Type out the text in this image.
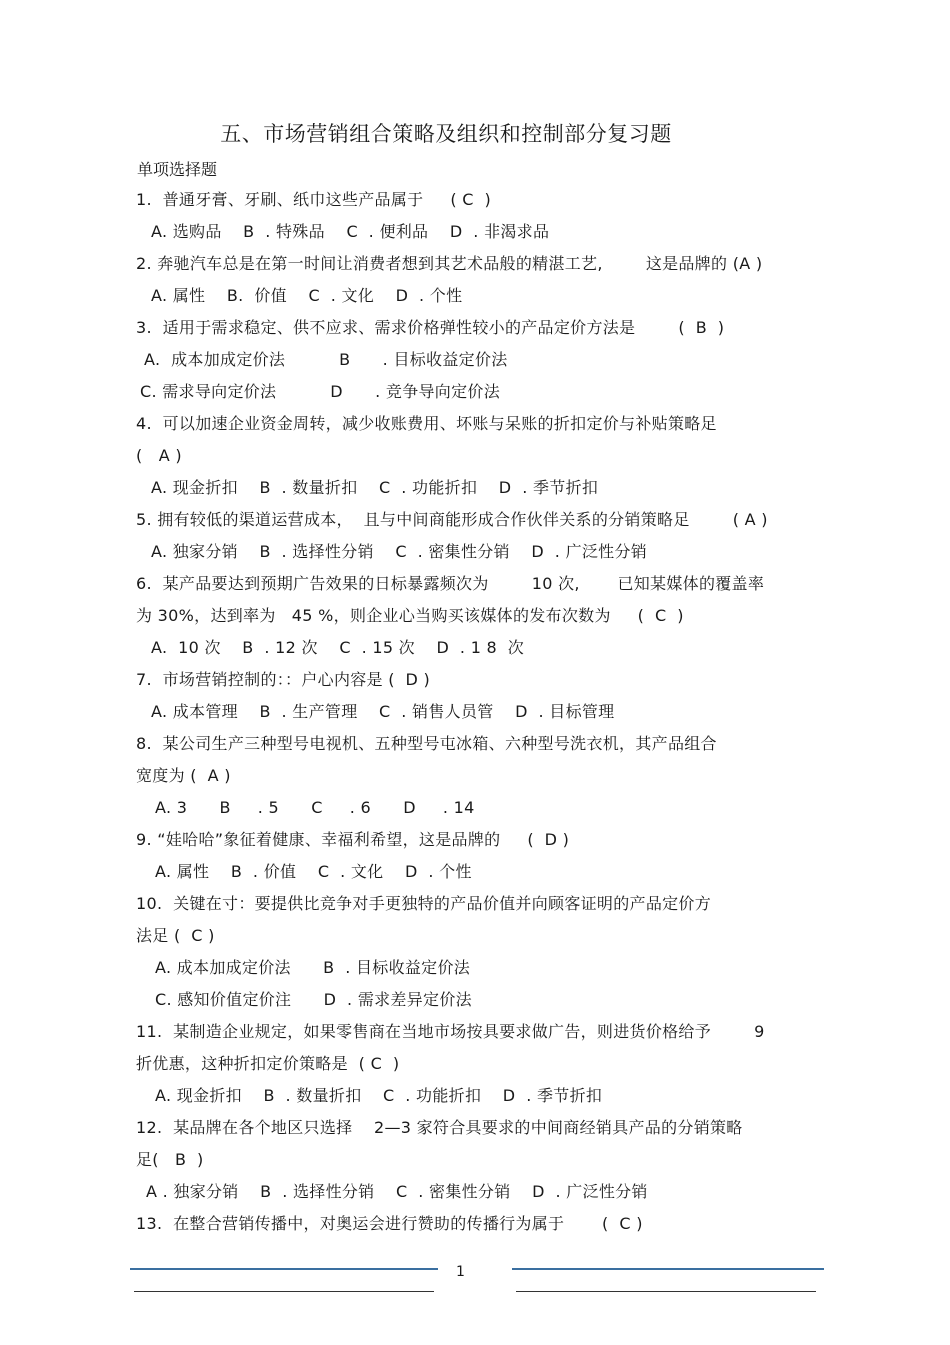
五、市场营销组合策略及组织和控制部分复习题
单项选择题
1.  普通牙膏、牙刷、纸巾这些产品属于     ( C  )
A. 选购品    B  . 特殊品    C  . 便利品    D  . 非渴求品
2. 奔驰汽车总是在第一时间让消费者想到其艺术品般的精湛工艺,        这是品牌的 (A )
A. 属性    B.  价值    C  . 文化    D  . 个性
3.  适用于需求稳定、供不应求、需求价格弹性较小的产品定价方法是        (  B  )
A.  成本加成定价法          B      . 目标收益定价法
C. 需求导向定价法          D      . 竞争导向定价法
4.  可以加速企业资金周转，减少收账费用、坏账与呆账的折扣定价与补贴策略足
(   A )
A. 现金折扣    B  . 数量折扣    C  . 功能折扣    D  . 季节折扣
5. 拥有较低的渠道运营成本，  且与中间商能形成合作伙伴关系的分销策略足        ( A )
A. 独家分销    B  . 选择性分销    C  . 密集性分销    D  . 广泛性分销
6.  某产品要达到预期广告效果的日标暴露频次为        10 次,       已知某媒体的覆盖率
为 30%，达到率为   45 %，则企业心当购买该媒体的发布次数为     (  C  )
A.  10 次    B  . 12 次    C  . 15 次    D  . 1 8  次
7.  市场营销控制的：：户心内容是 (  D )
A. 成本管理    B  . 生产管理    C  . 销售人员管    D  . 目标管理
8.  某公司生产三种型号电视机、五种型号屯冰箱、六种型号洗衣机，其产品组合
宽度为 (  A )
A. 3      B     . 5      C     . 6      D     . 14
9. “娃哈哈”象征着健康、幸福利希望，这是品牌的     (  D )
A. 属性    B  . 价值    C  . 文化    D  . 个性
10.  关键在寸：要提供比竞争对手更独特的产品价值并向顾客证明的产品定价方
法足 (  C )
A. 成本加成定价法      B  . 目标收益定价法
C. 感知价值定价注      D  . 需求差异定价法
11.  某制造企业规定，如果零售商在当地市场按具要求做广告，则进货价格给予        9
折优惠，这种折扣定价策略是  ( C  )
A. 现金折扣    B  . 数量折扣    C  . 功能折扣    D  . 季节折扣
12.  某品牌在各个地区只选择    2—3 家符合具要求的中间商经销具产品的分销策略
足(   B  )
A . 独家分销    B  . 选择性分销    C  . 密集性分销    D  . 广泛性分销
13.  在整合营销传播中，对奥运会进行赞助的传播行为属于       (  C )
1
